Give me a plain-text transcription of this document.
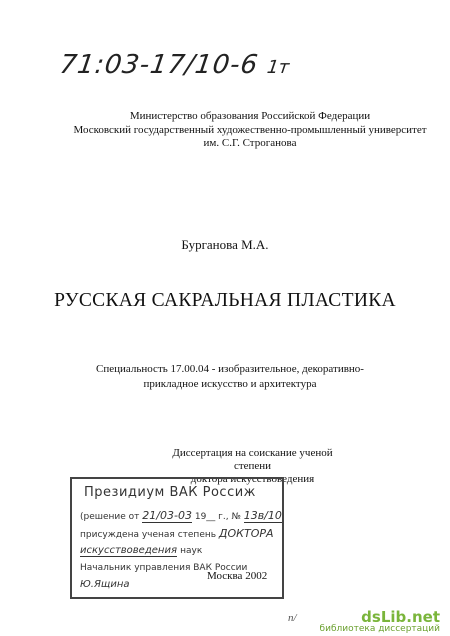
71:03-17/10-6 1т
Министерство образования Российской Федерации
Московский государственный художественно-промышленный университет
им. С.Г. Строганова
Бурганова М.А.
РУССКАЯ САКРАЛЬНАЯ ПЛАСТИКА
Специальность 17.00.04 - изобразительное, декоративно-
прикладное искусство и архитектура
Диссертация на соискание ученой степени
доктора искусствоведения
Президиум ВАК Россиж
(решение от 21/03-03 19__ г., № 13в/10
присуждена ученая степень ДОКТОРА
искусствоведения наук
Начальник управления ВАК России
Ю.Ящина
Москва 2002
п/	dsLib.net
библиотека диссертаций
